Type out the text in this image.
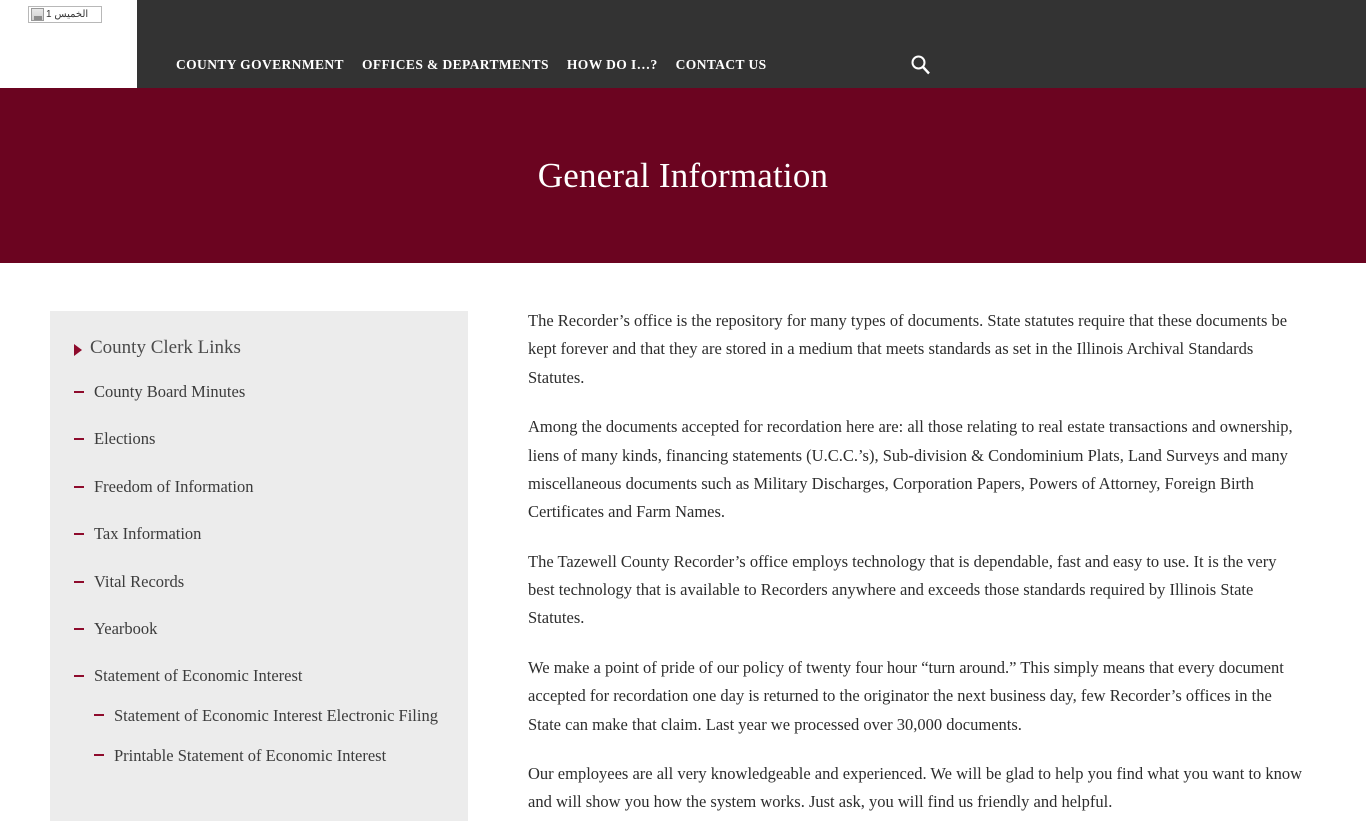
الخميس 1
COUNTY GOVERNMENT	OFFICES & DEPARTMENTS	HOW DO I…?	CONTACT US
General Information
County Clerk Links
County Board Minutes
Elections
Freedom of Information
Tax Information
Vital Records
Yearbook
Statement of Economic Interest
Statement of Economic Interest Electronic Filing
Printable Statement of Economic Interest

The Recorder’s office is the repository for many types of documents. State statutes require that these documents be kept forever and that they are stored in a medium that meets standards as set in the Illinois Archival Standards Statutes.

Among the documents accepted for recordation here are: all those relating to real estate transactions and ownership, liens of many kinds, financing statements (U.C.C.’s), Sub-division & Condominium Plats, Land Surveys and many miscellaneous documents such as Military Discharges, Corporation Papers, Powers of Attorney, Foreign Birth Certificates and Farm Names.

The Tazewell County Recorder’s office employs technology that is dependable, fast and easy to use. It is the very best technology that is available to Recorders anywhere and exceeds those standards required by Illinois State Statutes.

We make a point of pride of our policy of twenty four hour “turn around.” This simply means that every document accepted for recordation one day is returned to the originator the next business day, few Recorder’s offices in the State can make that claim. Last year we processed over 30,000 documents.

Our employees are all very knowledgeable and experienced. We will be glad to help you find what you want to know and will show you how the system works. Just ask, you will find us friendly and helpful.
